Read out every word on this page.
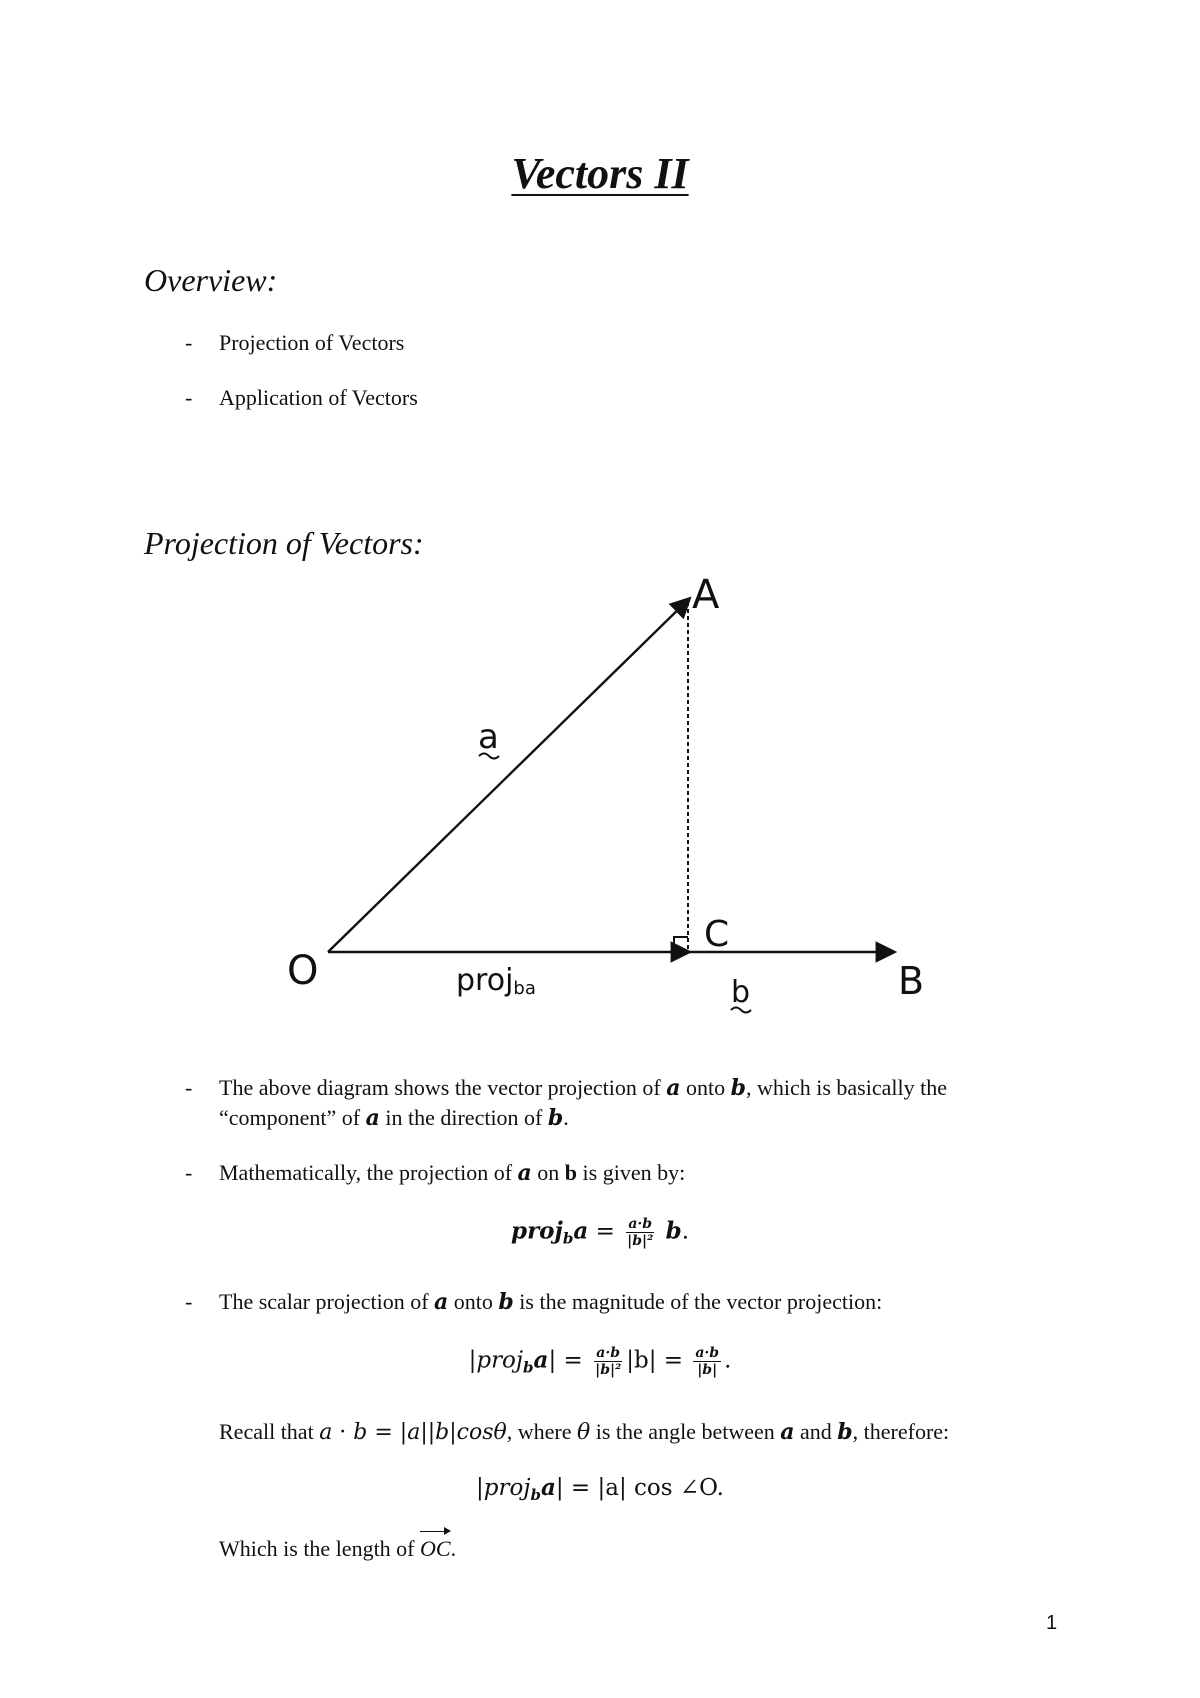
Vectors II
Overview:
- Projection of Vectors
- Application of Vectors
Projection of Vectors:
A
O
C
B
a
projba	b
- The above diagram shows the vector projection of a onto b, which is basically the
“component” of a in the direction of b.
- Mathematically, the projection of a on b is given by:
proj$_b$a = $\frac{a\cdot b}{\text{|b|²}} b$.
- The scalar projection of a onto b is the magnitude of the vector projection:
|proj$_b$a| = $\frac{a\cdot b}{\text{|b|²}} |b| = \frac{a\cdot b}{|b|}$ .
Recall that a · b = |a||b|cosθ, where θ is the angle between a and b, therefore:
|proj$_b$a| = |a| cos ∠O.
Which is the length of OC.
1
